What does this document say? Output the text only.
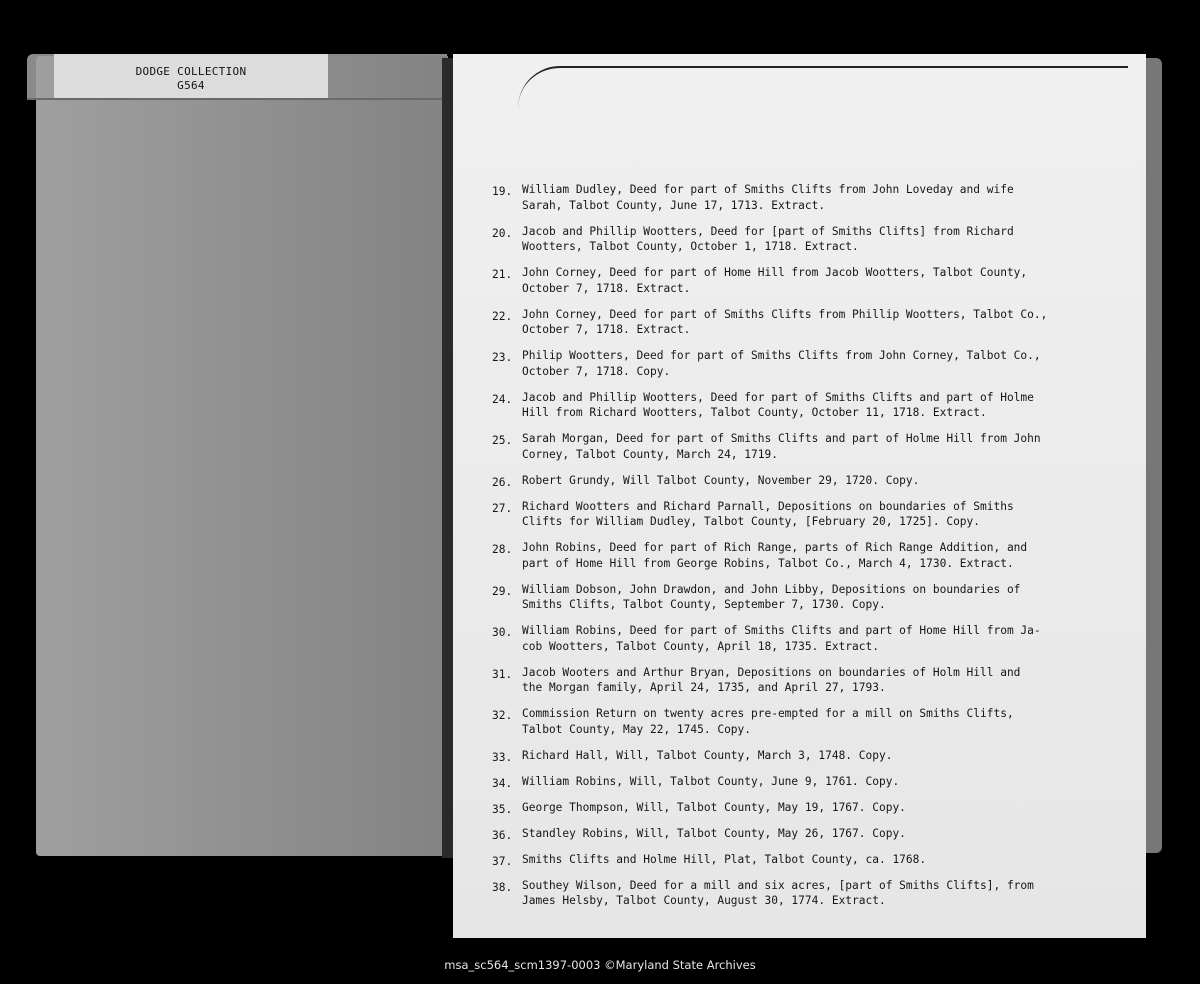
DODGE COLLECTION
G564
19. William Dudley, Deed for part of Smiths Clifts from John Loveday and wife
Sarah, Talbot County, June 17, 1713. Extract.
20. Jacob and Phillip Wootters, Deed for [part of Smiths Clifts] from Richard
Wootters, Talbot County, October 1, 1718. Extract.
21. John Corney, Deed for part of Home Hill from Jacob Wootters, Talbot County,
October 7, 1718. Extract.
22. John Corney, Deed for part of Smiths Clifts from Phillip Wootters, Talbot Co.,
October 7, 1718. Extract.
23. Philip Wootters, Deed for part of Smiths Clifts from John Corney, Talbot Co.,
October 7, 1718. Copy.
24. Jacob and Phillip Wootters, Deed for part of Smiths Clifts and part of Holme
Hill from Richard Wootters, Talbot County, October 11, 1718. Extract.
25. Sarah Morgan, Deed for part of Smiths Clifts and part of Holme Hill from John
Corney, Talbot County, March 24, 1719.
26. Robert Grundy, Will Talbot County, November 29, 1720. Copy.
27. Richard Wootters and Richard Parnall, Depositions on boundaries of Smiths
Clifts for William Dudley, Talbot County, [February 20, 1725]. Copy.
28. John Robins, Deed for part of Rich Range, parts of Rich Range Addition, and
part of Home Hill from George Robins, Talbot Co., March 4, 1730. Extract.
29. William Dobson, John Drawdon, and John Libby, Depositions on boundaries of
Smiths Clifts, Talbot County, September 7, 1730. Copy.
30. William Robins, Deed for part of Smiths Clifts and part of Home Hill from Ja-
cob Wootters, Talbot County, April 18, 1735. Extract.
31. Jacob Wooters and Arthur Bryan, Depositions on boundaries of Holm Hill and
the Morgan family, April 24, 1735, and April 27, 1793.
32. Commission Return on twenty acres pre-empted for a mill on Smiths Clifts,
Talbot County, May 22, 1745. Copy.
33. Richard Hall, Will, Talbot County, March 3, 1748. Copy.
34. William Robins, Will, Talbot County, June 9, 1761. Copy.
35. George Thompson, Will, Talbot County, May 19, 1767. Copy.
36. Standley Robins, Will, Talbot County, May 26, 1767. Copy.
37. Smiths Clifts and Holme Hill, Plat, Talbot County, ca. 1768.
38. Southey Wilson, Deed for a mill and six acres, [part of Smiths Clifts], from
James Helsby, Talbot County, August 30, 1774. Extract.
msa_sc564_scm1397-0003 ©Maryland State Archives
